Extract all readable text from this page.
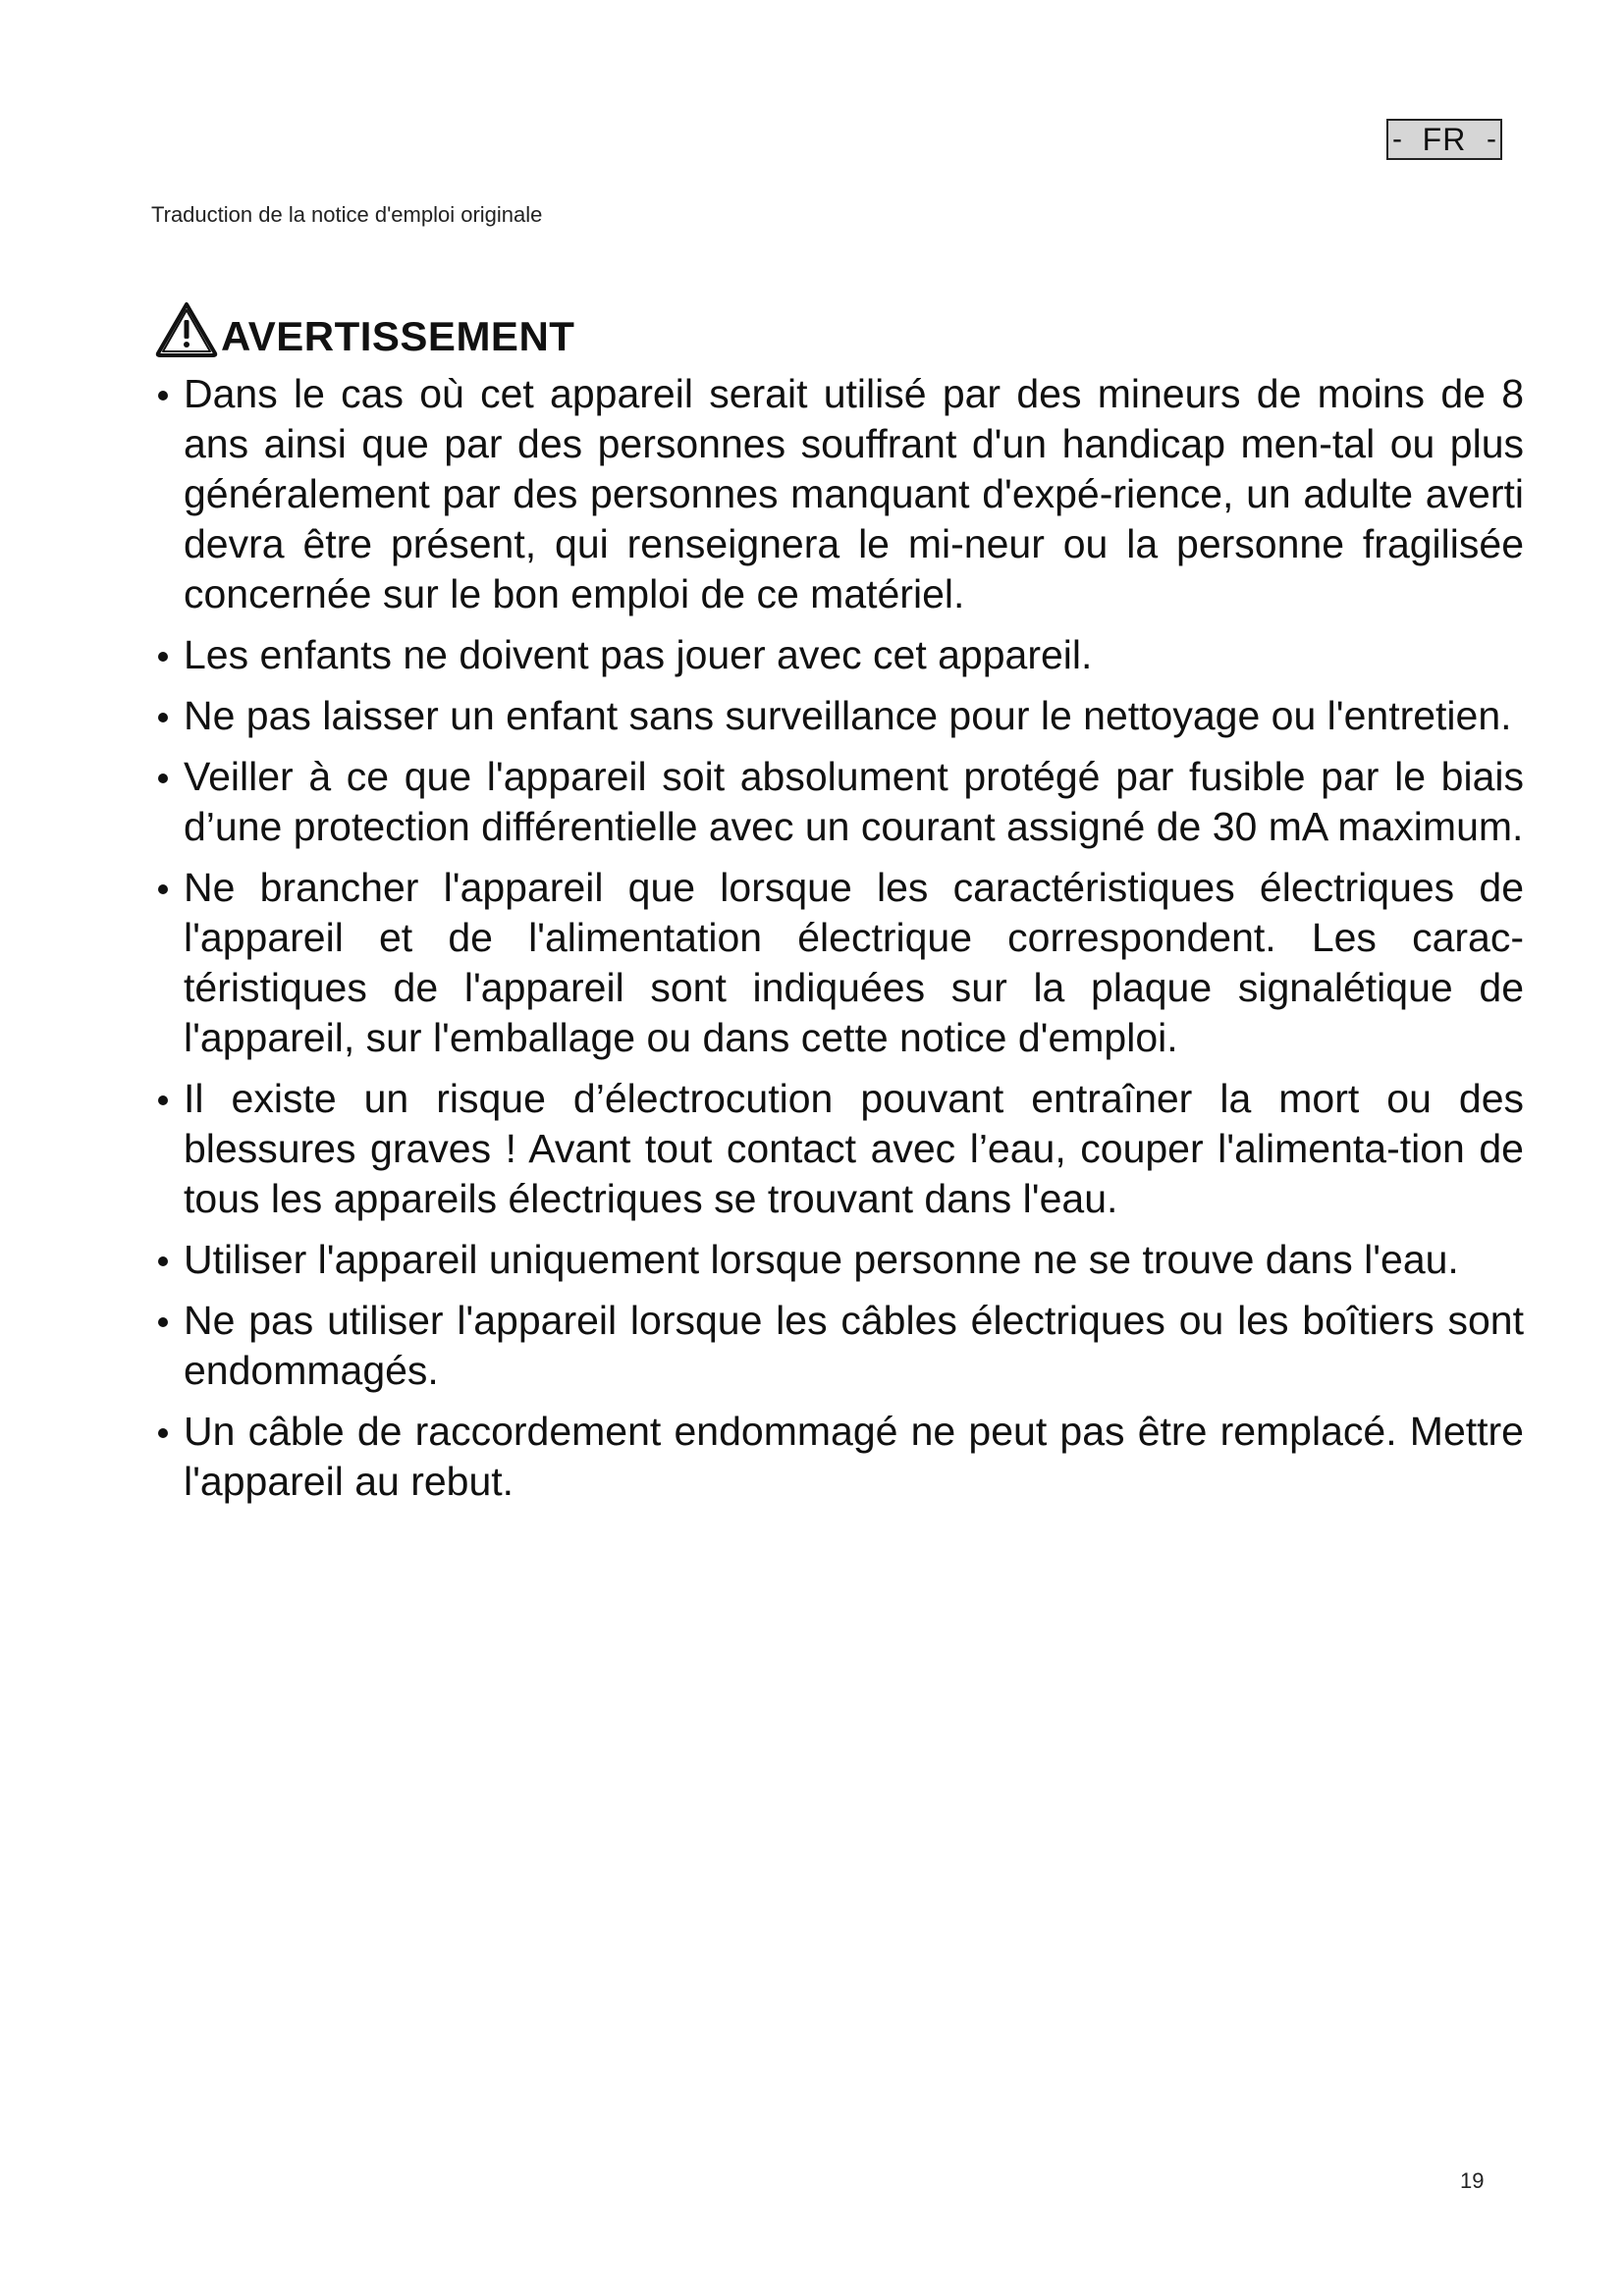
- FR -
Traduction de la notice d'emploi originale
AVERTISSEMENT
Dans le cas où cet appareil serait utilisé par des mineurs de moins de 8 ans ainsi que par des personnes souffrant d'un handicap men-tal ou plus généralement par des personnes manquant d'expé-rience, un adulte averti devra être présent, qui renseignera le mi-neur ou la personne fragilisée concernée sur le bon emploi de ce matériel.
Les enfants ne doivent pas jouer avec cet appareil.
Ne pas laisser un enfant sans surveillance pour le nettoyage ou l'entretien.
Veiller à ce que l'appareil soit absolument protégé par fusible par le biais d’une protection différentielle avec un courant assigné de 30 mA maximum.
Ne brancher l'appareil que lorsque les caractéristiques électriques de l'appareil et de l'alimentation électrique correspondent. Les carac-téristiques de l'appareil sont indiquées sur la plaque signalétique de l'appareil, sur l'emballage ou dans cette notice d'emploi.
Il existe un risque d’électrocution pouvant entraîner la mort ou des blessures graves ! Avant tout contact avec l’eau, couper l'alimenta-tion de tous les appareils électriques se trouvant dans l'eau.
Utiliser l'appareil uniquement lorsque personne ne se trouve dans l'eau.
Ne pas utiliser l'appareil lorsque les câbles électriques ou les boîtiers sont endommagés.
Un câble de raccordement endommagé ne peut pas être remplacé. Mettre l'appareil au rebut.
19
